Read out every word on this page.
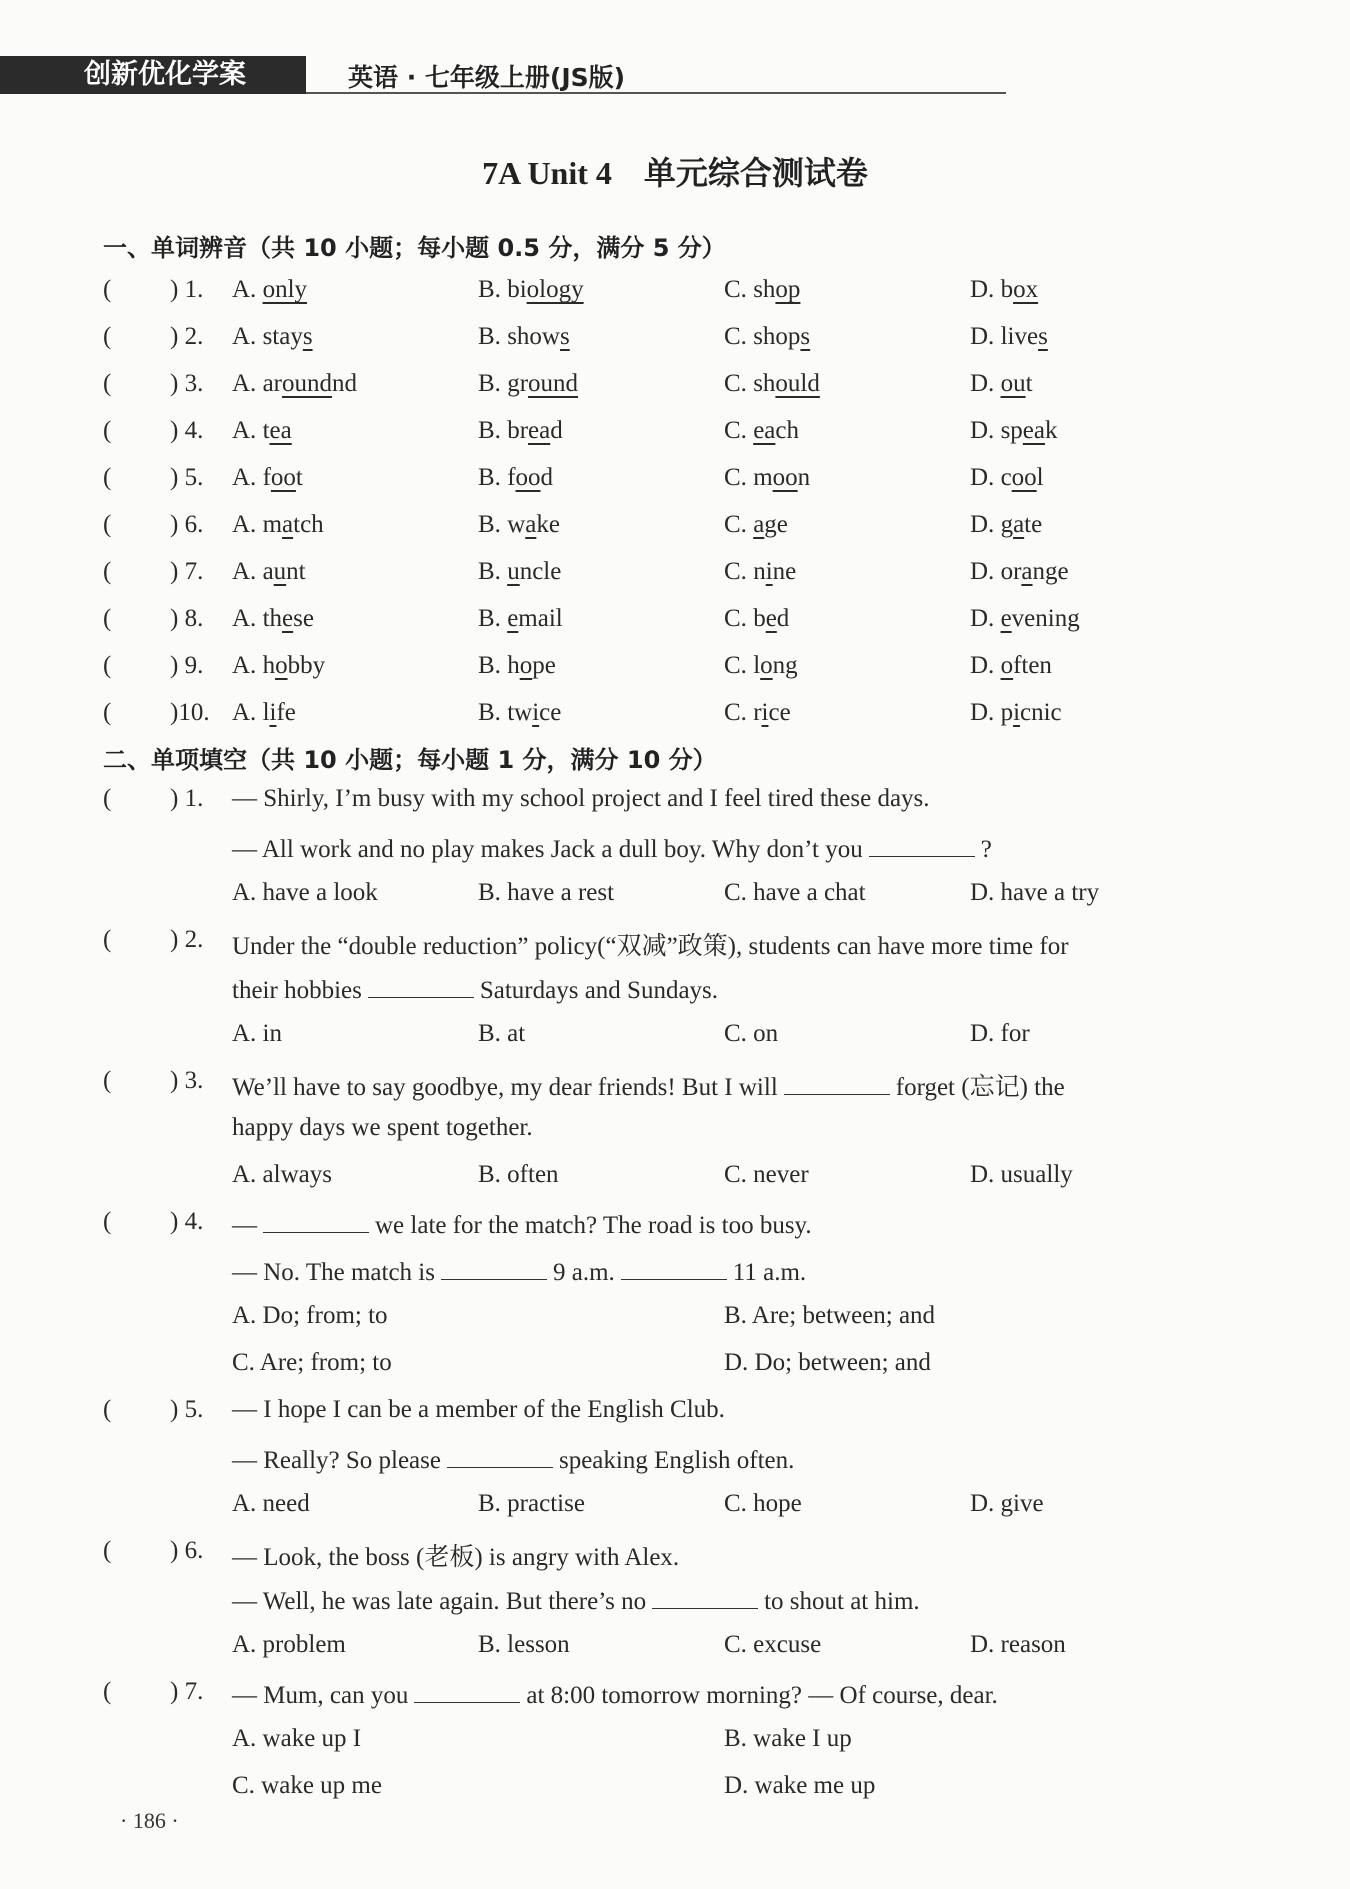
创新优化学案	英语 · 七年级上册(JS版)
7A Unit 4　单元综合测试卷
一、单词辨音（共 10 小题；每小题 0.5 分，满分 5 分）
( ) 1. A. only	B. biology	C. shop	D. box
( ) 2. A. stays	B. shows	C. shops	D. lives
( ) 3. A. aroundnd	B. ground	C. should	D. out
( ) 4. A. tea	B. bread	C. each	D. speak
( ) 5. A. foot	B. food	C. moon	D. cool
( ) 6. A. match	B. wake	C. age	D. gate
( ) 7. A. aunt	B. uncle	C. nine	D. orange
( ) 8. A. these	B. email	C. bed	D. evening
( ) 9. A. hobby	B. hope	C. long	D. often
( )10. A. life	B. twice	C. rice	D. picnic
二、单项填空（共 10 小题；每小题 1 分，满分 10 分）
( ) 1. — Shirly, I’m busy with my school project and I feel tired these days.
— All work and no play makes Jack a dull boy. Why don’t you	?
A. have a look	B. have a rest	C. have a chat	D. have a try
( ) 2. Under the “double reduction” policy(“双减”政策), students can have more time for
their hobbies	Saturdays and Sundays.
A. in	B. at	C. on	D. for
( ) 3. We’ll have to say goodbye, my dear friends! But I will	forget (忘记) the
happy days we spent together.
A. always	B. often	C. never	D. usually
( ) 4. —	we late for the match? The road is too busy.
— No. The match is	9 a.m.	11 a.m.
A. Do; from; to	B. Are; between; and
C. Are; from; to	D. Do; between; and
( ) 5. — I hope I can be a member of the English Club.
— Really? So please	speaking English often.
A. need	B. practise	C. hope	D. give
( ) 6. — Look, the boss (老板) is angry with Alex.
— Well, he was late again. But there’s no	to shout at him.
A. problem	B. lesson	C. excuse	D. reason
( ) 7. — Mum, can you	at 8:00 tomorrow morning? — Of course, dear.
A. wake up I	B. wake I up
C. wake up me	D. wake me up
· 186 ·
